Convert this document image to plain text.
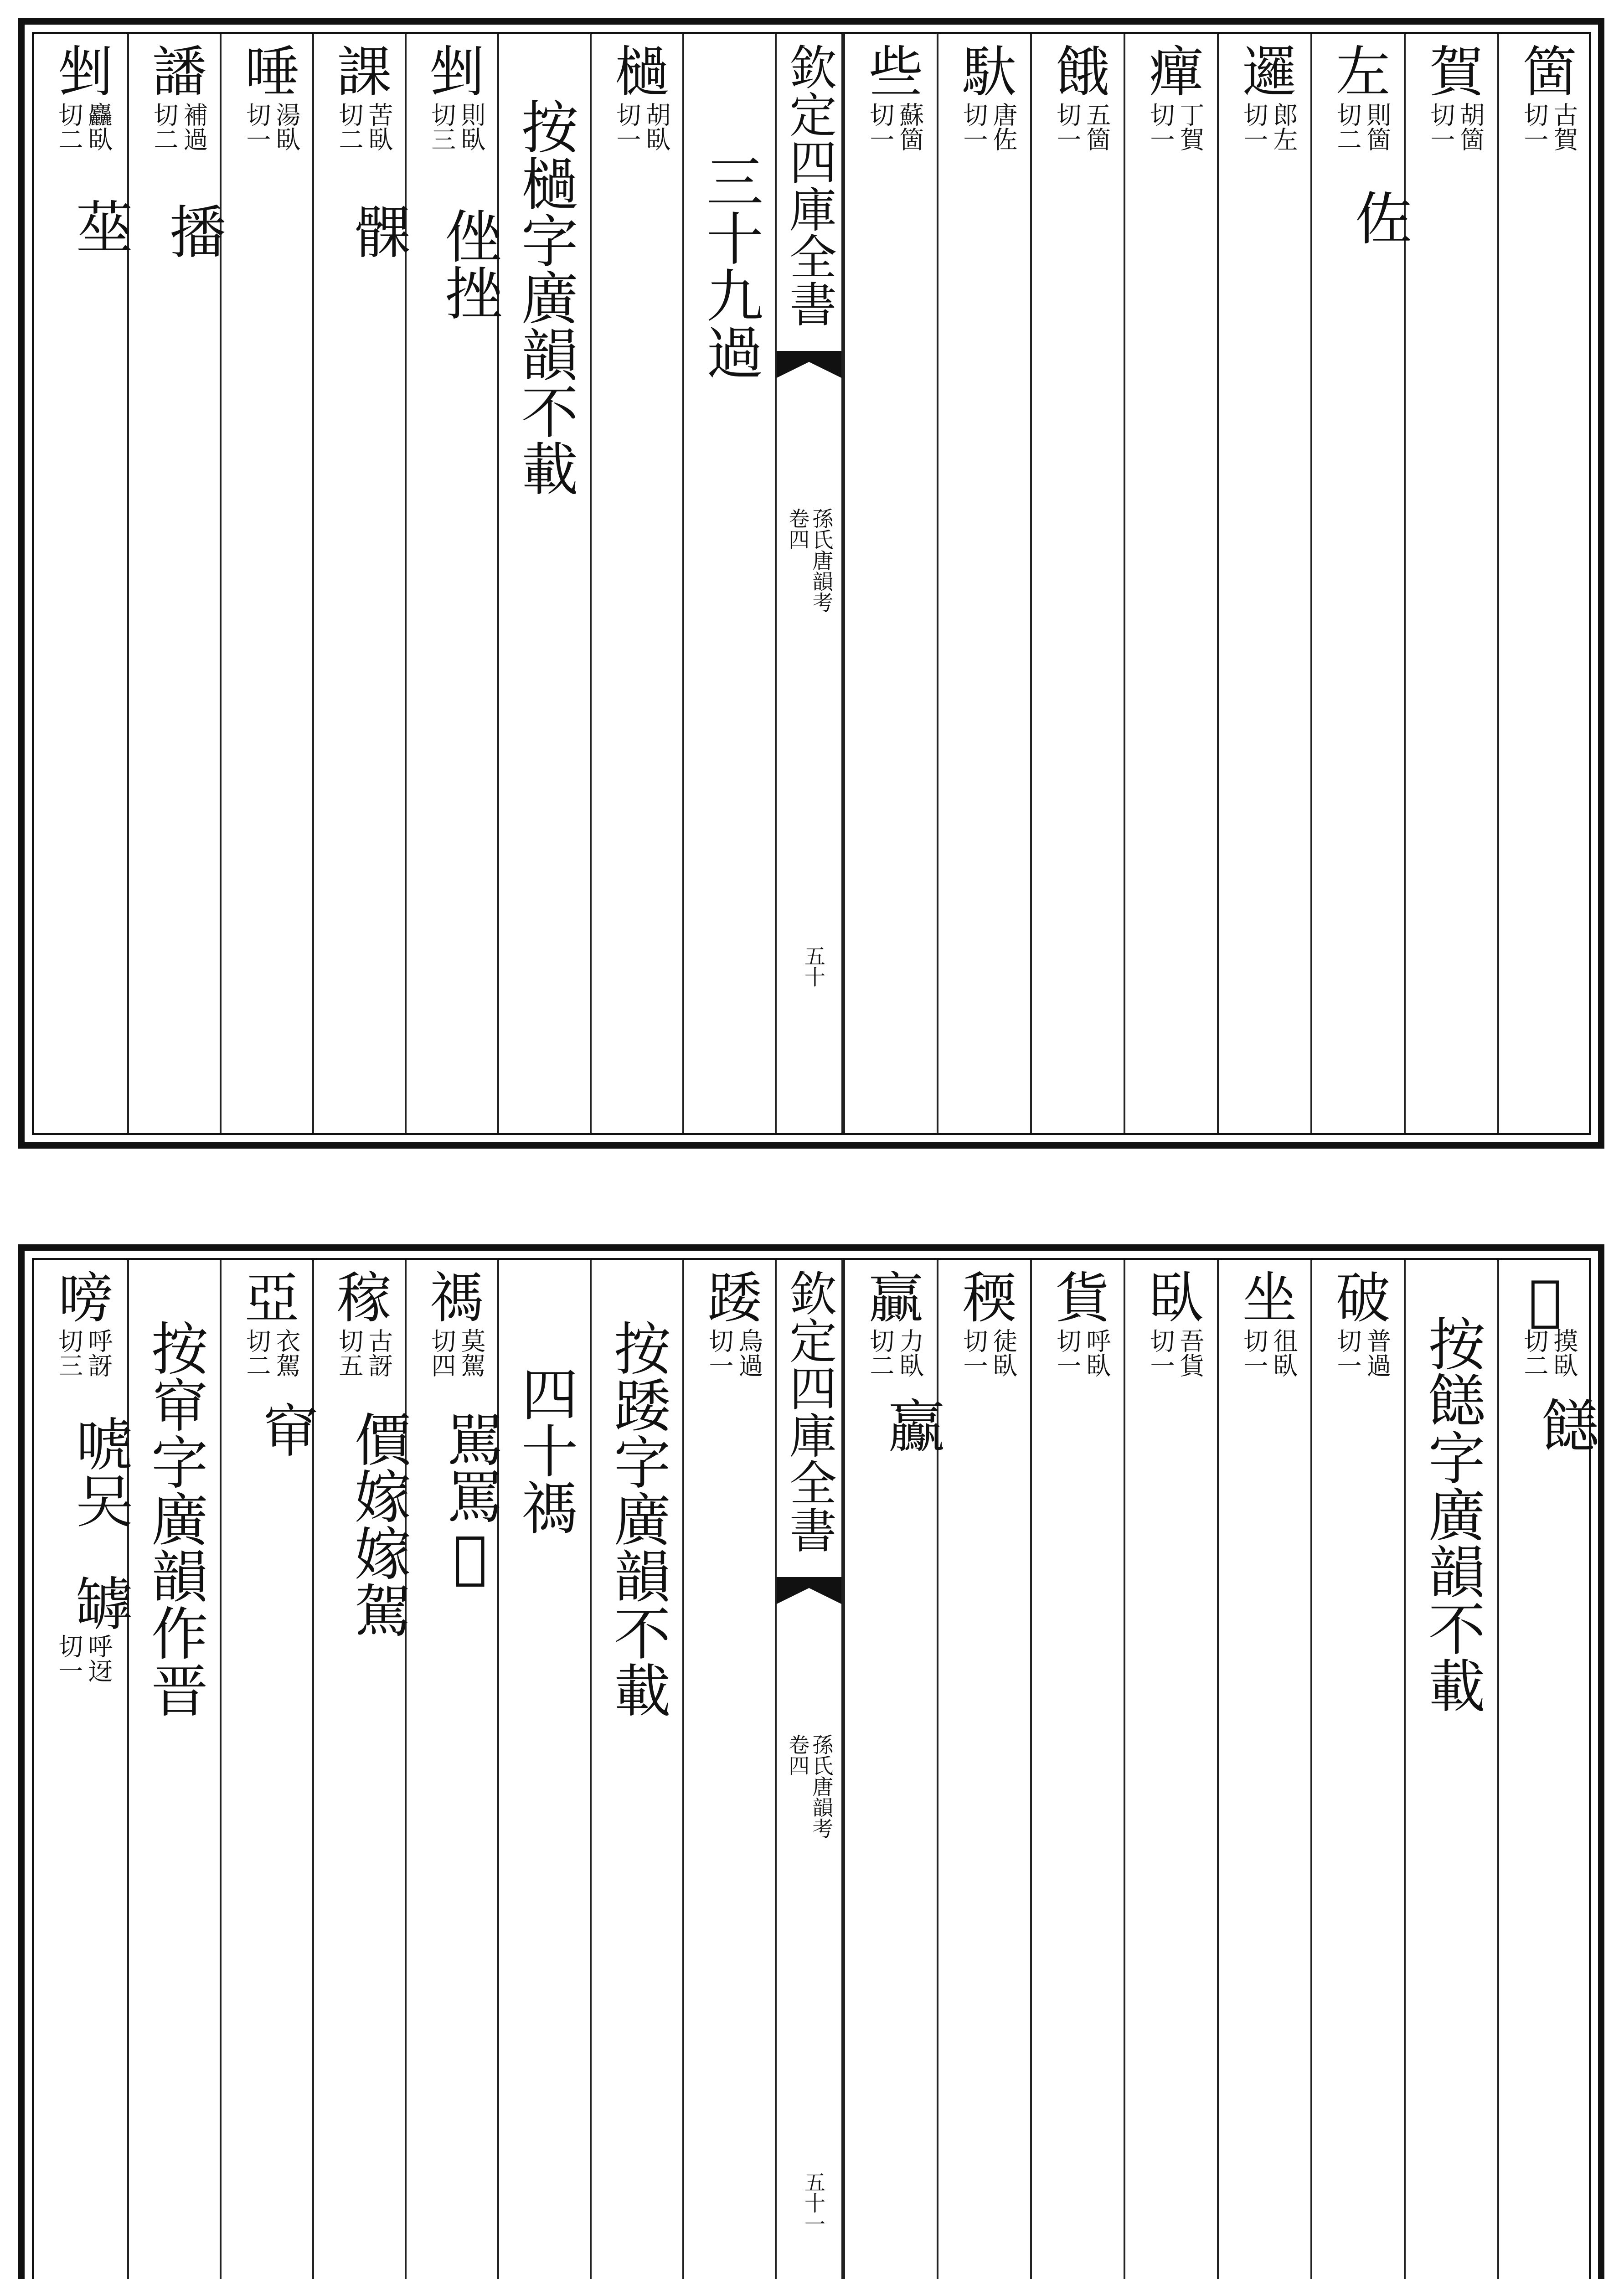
欽定四庫全書
孫氏唐韻考
卷四
五十
箇
古賀
切一
賀
胡箇
切一
左
則箇
切二
佐
邏
郎左
切一
癉
丁賀
切一
餓
五箇
切一
馱
唐佐
切一
些
蘇箇
切一
三十九過
檛
胡臥
切一
按檛字廣韻不載
剉
則臥
切三
侳挫
課
苦臥
切二
髁
唾
湯臥
切一
譒
補過
切二
播
剉
麤臥
切二
莝
欽定四庫全書
孫氏唐韻考
卷四
五十一
𥖭
摸臥
切二
䭐
按䭐字廣韻不載
破
普過
切一
坐
徂臥
切一
臥
吾貨
切一
貨
呼臥
切一
稬
徒臥
切一
贏
力臥
切二
鸁
踒
烏過
切一
按踒字廣韻不載
四十禡
禡
莫駕
切四
駡罵𦾧
稼
古訝
切五
價嫁嫁駕
亞
衣駕
切二
䆘
按䆘字廣韻作晋
嗙
呼訝
切三
唬㕦
罅
呼迓
切一
